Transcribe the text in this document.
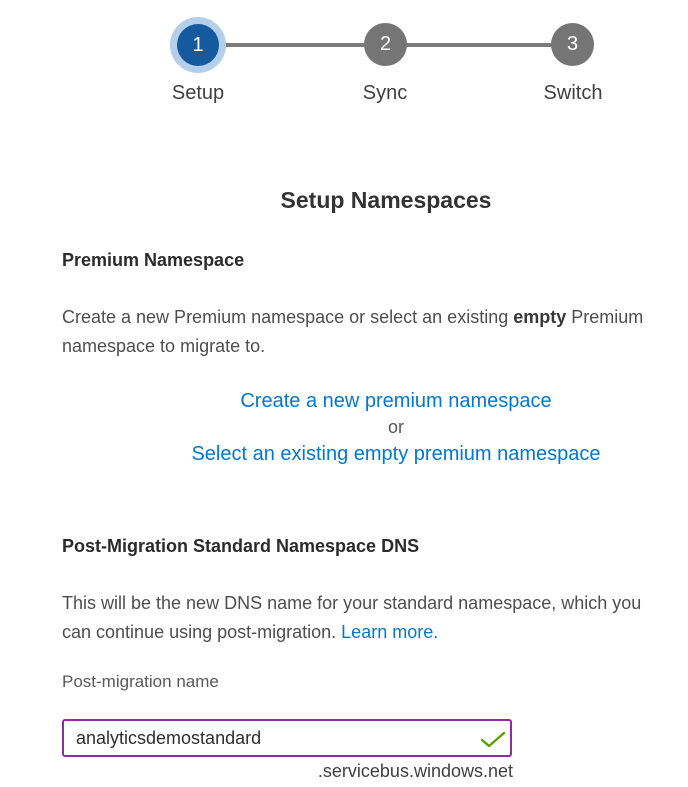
1	2	3
Setup	Sync	Switch
Setup Namespaces
Premium Namespace
Create a new Premium namespace or select an existing empty Premium
namespace to migrate to.
Create a new premium namespace
or
Select an existing empty premium namespace
Post-Migration Standard Namespace DNS
This will be the new DNS name for your standard namespace, which you
can continue using post-migration. Learn more.
Post-migration name
analyticsdemostandard
.servicebus.windows.net
